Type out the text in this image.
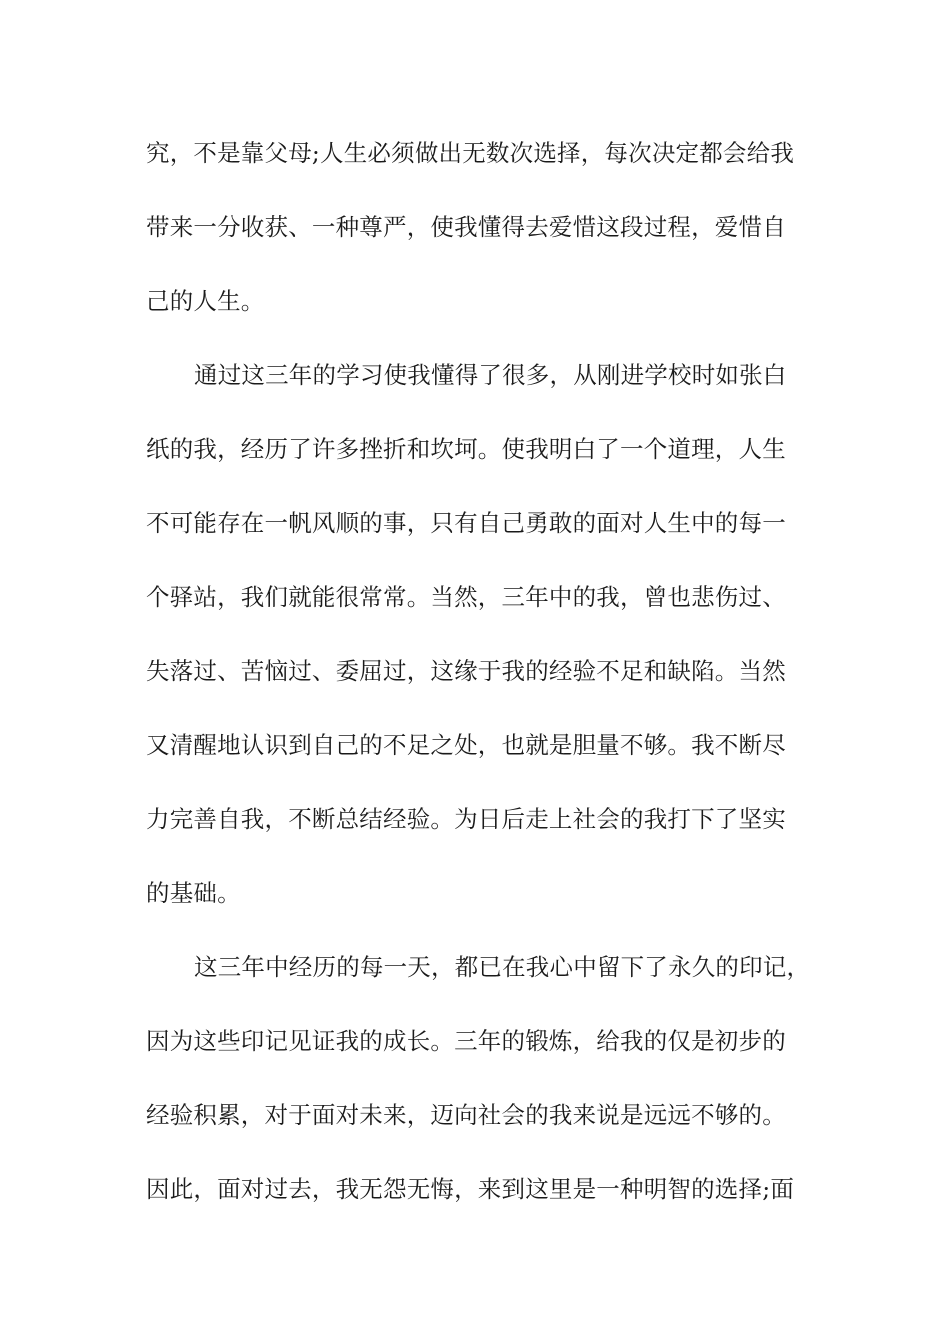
究，不是靠父母;人生必须做出无数次选择，每次决定都会给我
带来一分收获、一种尊严，使我懂得去爱惜这段过程，爱惜自
己的人生。
通过这三年的学习使我懂得了很多，从刚进学校时如张白
纸的我，经历了许多挫折和坎坷。使我明白了一个道理，人生
不可能存在一帆风顺的事，只有自己勇敢的面对人生中的每一
个驿站，我们就能很常常。当然，三年中的我，曾也悲伤过、
失落过、苦恼过、委屈过，这缘于我的经验不足和缺陷。当然
又清醒地认识到自己的不足之处，也就是胆量不够。我不断尽
力完善自我，不断总结经验。为日后走上社会的我打下了坚实
的基础。
这三年中经历的每一天，都已在我心中留下了永久的印记，
因为这些印记见证我的成长。三年的锻炼，给我的仅是初步的
经验积累，对于面对未来，迈向社会的我来说是远远不够的。
因此，面对过去，我无怨无悔，来到这里是一种明智的选择;面
